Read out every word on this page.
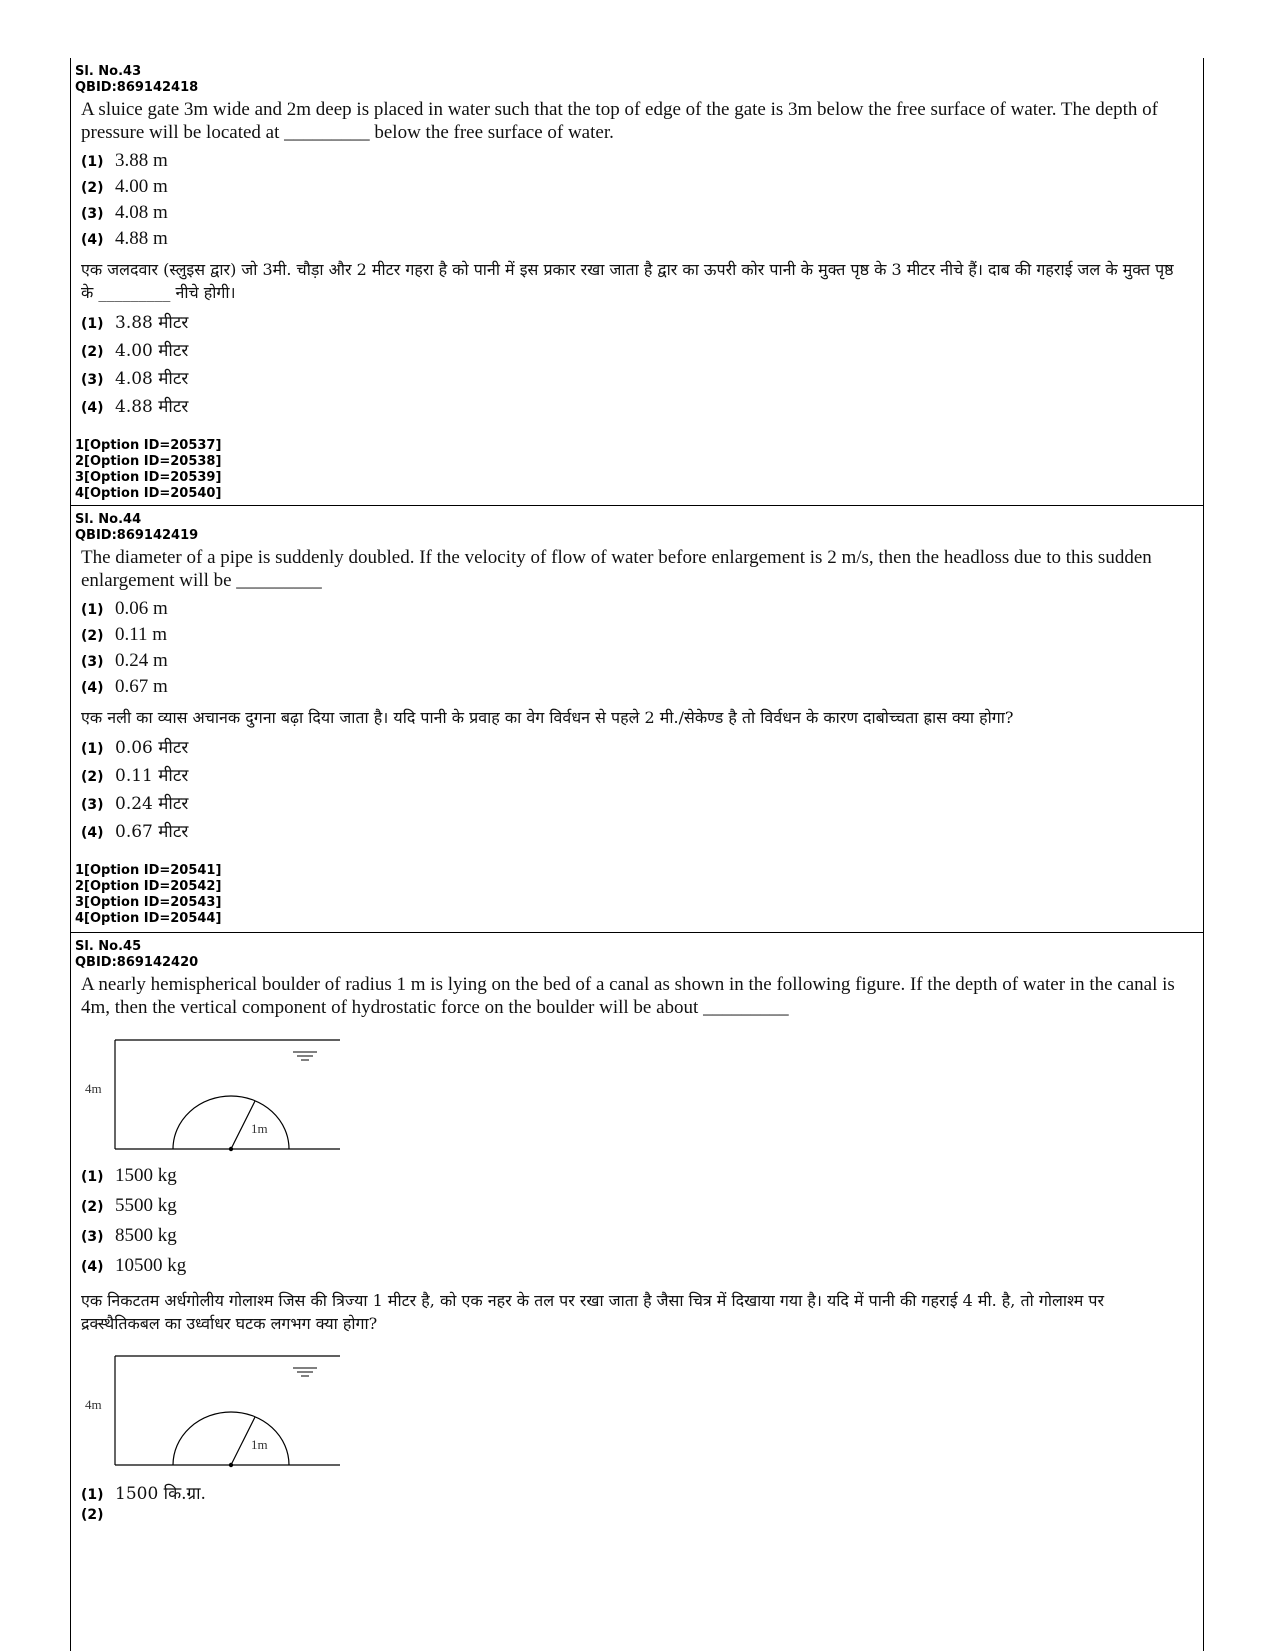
Sl. No.43
QBID:869142418
A sluice gate 3m wide and 2m deep is placed in water such that the top of edge of the gate is 3m below the free surface of water. The depth of pressure will be located at _________ below the free surface of water.
(1) 3.88 m
(2) 4.00 m
(3) 4.08 m
(4) 4.88 m
एक जलदवार (स्लुइस द्वार) जो 3मी. चौड़ा और 2 मीटर गहरा है को पानी में इस प्रकार रखा जाता है द्वार का ऊपरी कोर पानी के मुक्त पृष्ठ के 3 मीटर नीचे हैं। दाब की गहराई जल के मुक्त पृष्ठ के _________ नीचे होगी।
(1) 3.88 मीटर
(2) 4.00 मीटर
(3) 4.08 मीटर
(4) 4.88 मीटर
1[Option ID=20537]
2[Option ID=20538]
3[Option ID=20539]
4[Option ID=20540]
Sl. No.44
QBID:869142419
The diameter of a pipe is suddenly doubled. If the velocity of flow of water before enlargement is 2 m/s, then the headloss due to this sudden enlargement will be _________
(1) 0.06 m
(2) 0.11 m
(3) 0.24 m
(4) 0.67 m
एक नली का व्यास अचानक दुगना बढ़ा दिया जाता है। यदि पानी के प्रवाह का वेग विर्वधन से पहले 2 मी./सेकेण्ड है तो विर्वधन के कारण दाबोच्चता ह्रास क्या होगा?
(1) 0.06 मीटर
(2) 0.11 मीटर
(3) 0.24 मीटर
(4) 0.67 मीटर
1[Option ID=20541]
2[Option ID=20542]
3[Option ID=20543]
4[Option ID=20544]
Sl. No.45
QBID:869142420
A nearly hemispherical boulder of radius 1 m is lying on the bed of a canal as shown in the following figure. If the depth of water in the canal is 4m, then the vertical component of hydrostatic force on the boulder will be about _________
4m
1m
(1) 1500 kg
(2) 5500 kg
(3) 8500 kg
(4) 10500 kg
एक निकटतम अर्धगोलीय गोलाश्म जिस की त्रिज्या 1 मीटर है, को एक नहर के तल पर रखा जाता है जैसा चित्र में दिखाया गया है। यदि में पानी की गहराई 4 मी. है, तो गोलाश्म पर द्रक्स्थैतिकबल का उर्ध्वाधर घटक लगभग क्या होगा?
4m
1m
(1) 1500 कि.ग्रा.
(2)
